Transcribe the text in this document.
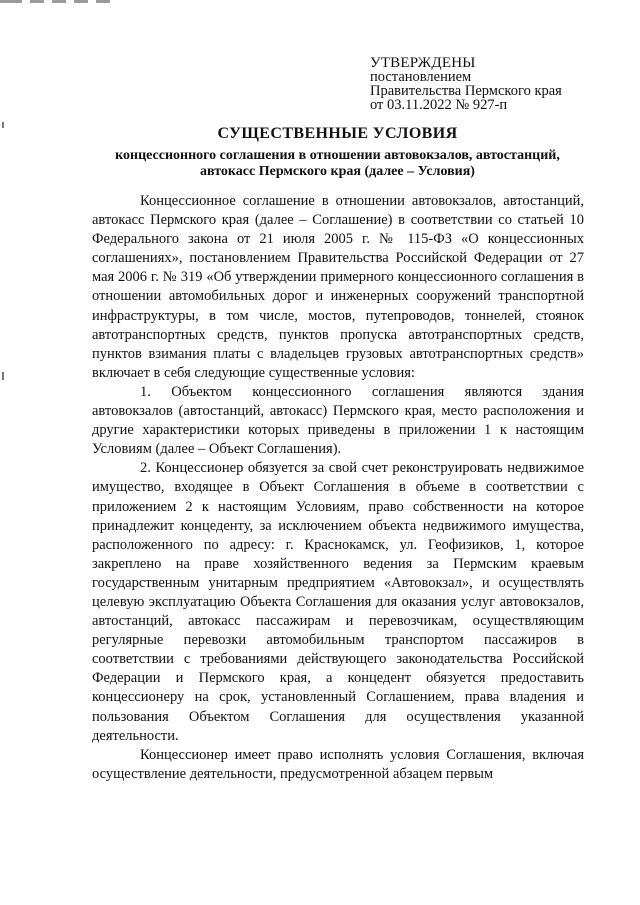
УТВЕРЖДЕНЫ
постановлением
Правительства Пермского края
от 03.11.2022 № 927-п
СУЩЕСТВЕННЫЕ УСЛОВИЯ
концессионного соглашения в отношении автовокзалов, автостанций,
автокасс Пермского края (далее – Условия)

Концессионное соглашение в отношении автовокзалов, автостанций, автокасс Пермского края (далее – Соглашение) в соответствии со статьей 10 Федерального закона от 21 июля 2005 г. № 115-ФЗ «О концессионных соглашениях», постановлением Правительства Российской Федерации от 27 мая 2006 г. № 319 «Об утверждении примерного концессионного соглашения в отношении автомобильных дорог и инженерных сооружений транспортной инфраструктуры, в том числе, мостов, путепроводов, тоннелей, стоянок автотранспортных средств, пунктов пропуска автотранспортных средств, пунктов взимания платы с владельцев грузовых автотранспортных средств» включает в себя следующие существенные условия:

1. Объектом концессионного соглашения являются здания автовокзалов (автостанций, автокасс) Пермского края, место расположения и другие характеристики которых приведены в приложении 1 к настоящим Условиям (далее – Объект Соглашения).

2. Концессионер обязуется за свой счет реконструировать недвижимое имущество, входящее в Объект Соглашения в объеме в соответствии с приложением 2 к настоящим Условиям, право собственности на которое принадлежит концеденту, за исключением объекта недвижимого имущества, расположенного по адресу: г. Краснокамск, ул. Геофизиков, 1, которое закреплено на праве хозяйственного ведения за Пермским краевым государственным унитарным предприятием «Автовокзал», и осуществлять целевую эксплуатацию Объекта Соглашения для оказания услуг автовокзалов, автостанций, автокасс пассажирам и перевозчикам, осуществляющим регулярные перевозки автомобильным транспортом пассажиров в соответствии с требованиями действующего законодательства Российской Федерации и Пермского края, а концедент обязуется предоставить концессионеру на срок, установленный Соглашением, права владения и пользования Объектом Соглашения для осуществления указанной деятельности.

Концессионер имеет право исполнять условия Соглашения, включая осуществление деятельности, предусмотренной абзацем первым
